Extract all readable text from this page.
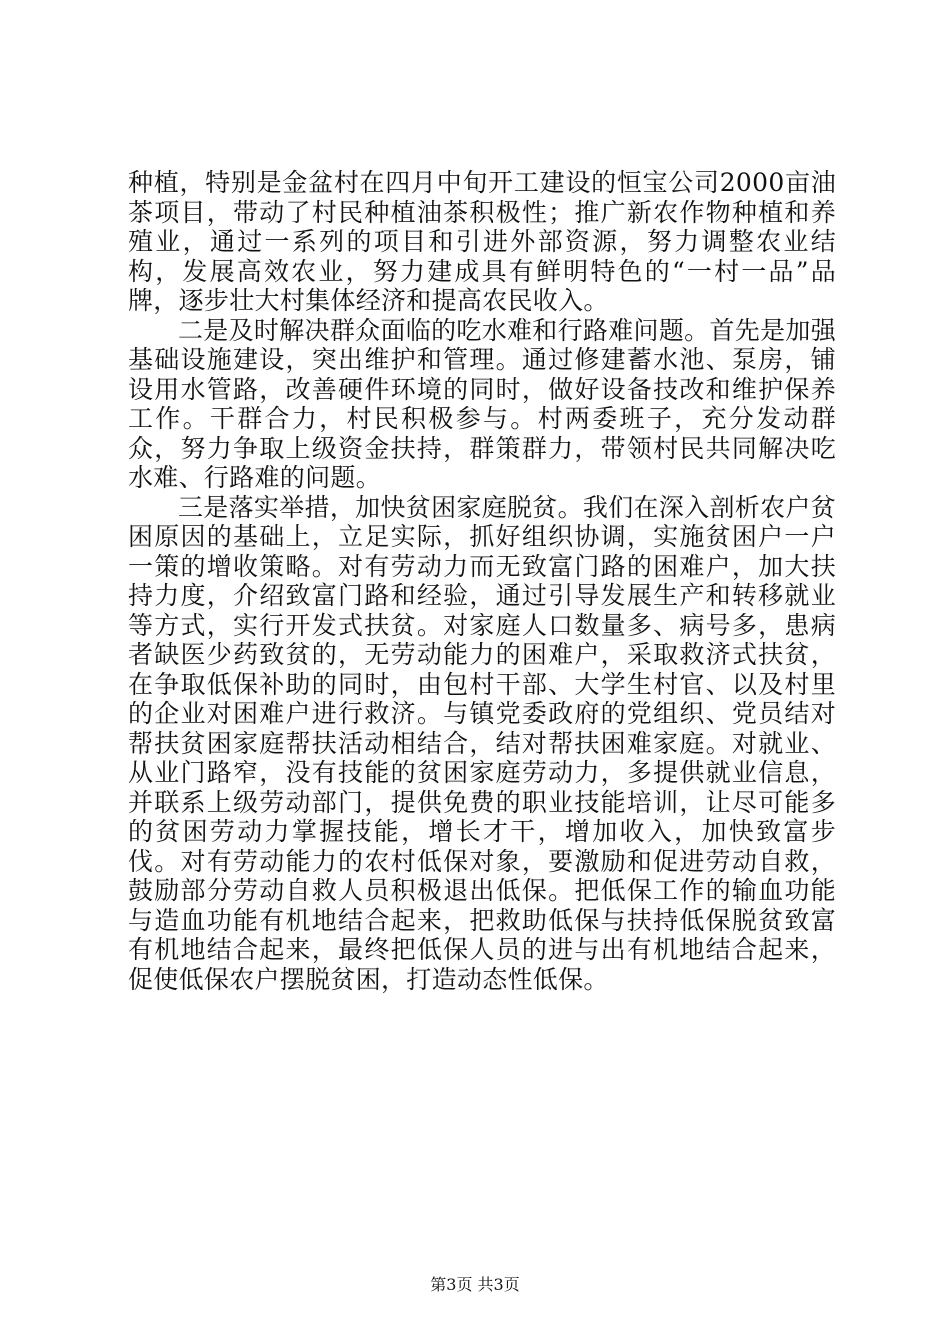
种植，特别是金盆村在四月中旬开工建设的恒宝公司2000亩油茶项目，带动了村民种植油茶积极性；推广新农作物种植和养殖业，通过一系列的项目和引进外部资源，努力调整农业结构，发展高效农业，努力建成具有鲜明特色的“一村一品”品牌，逐步壮大村集体经济和提高农民收入。

二是及时解决群众面临的吃水难和行路难问题。首先是加强基础设施建设，突出维护和管理。通过修建蓄水池、泵房，铺设用水管路，改善硬件环境的同时，做好设备技改和维护保养工作。干群合力，村民积极参与。村两委班子，充分发动群众，努力争取上级资金扶持，群策群力，带领村民共同解决吃水难、行路难的问题。

三是落实举措，加快贫困家庭脱贫。我们在深入剖析农户贫困原因的基础上，立足实际，抓好组织协调，实施贫困户一户一策的增收策略。对有劳动力而无致富门路的困难户，加大扶持力度，介绍致富门路和经验，通过引导发展生产和转移就业等方式，实行开发式扶贫。对家庭人口数量多、病号多，患病者缺医少药致贫的，无劳动能力的困难户，采取救济式扶贫，在争取低保补助的同时，由包村干部、大学生村官、以及村里的企业对困难户进行救济。与镇党委政府的党组织、党员结对帮扶贫困家庭帮扶活动相结合，结对帮扶困难家庭。对就业、从业门路窄，没有技能的贫困家庭劳动力，多提供就业信息，并联系上级劳动部门，提供免费的职业技能培训，让尽可能多的贫困劳动力掌握技能，增长才干，增加收入，加快致富步伐。对有劳动能力的农村低保对象，要激励和促进劳动自救，鼓励部分劳动自救人员积极退出低保。把低保工作的输血功能与造血功能有机地结合起来，把救助低保与扶持低保脱贫致富有机地结合起来，最终把低保人员的进与出有机地结合起来，促使低保农户摆脱贫困，打造动态性低保。

第3页 共3页
